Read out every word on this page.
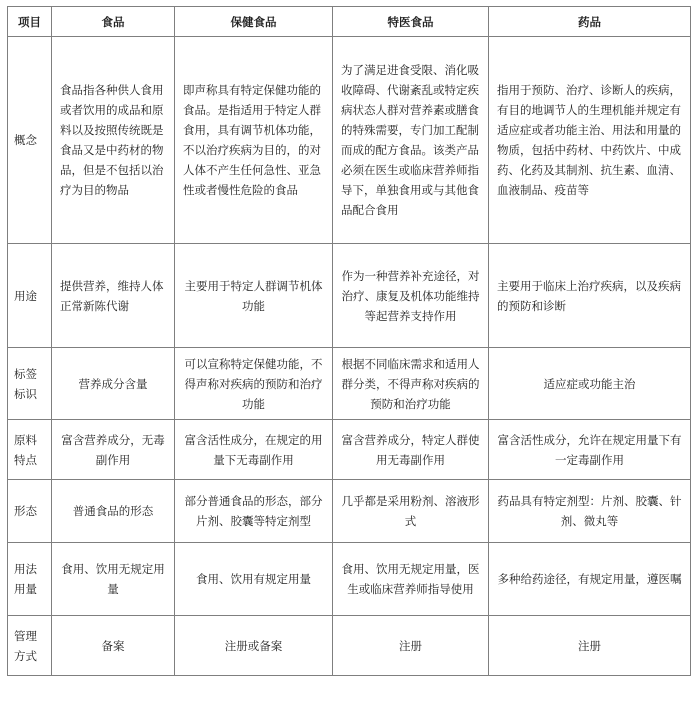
项目	食品	保健食品	特医食品	药品
概念	食品指各种供人食用或者饮用的成品和原料以及按照传统既是食品又是中药材的物品，但是不包括以治疗为目的物品	即声称具有特定保健功能的食品。是指适用于特定人群食用，具有调节机体功能，不以治疗疾病为目的，的对人体不产生任何急性、亚急性或者慢性危险的食品	为了满足进食受限、消化吸收障碍、代谢紊乱或特定疾病状态人群对营养素或膳食的特殊需要，专门加工配制而成的配方食品。该类产品必须在医生或临床营养师指导下，单独食用或与其他食品配合食用	指用于预防、治疗、诊断人的疾病，有目的地调节人的生理机能并规定有适应症或者功能主治、用法和用量的物质，包括中药材、中药饮片、中成药、化药及其制剂、抗生素、血清、血液制品、疫苗等
用途	提供营养，维持人体正常新陈代谢	主要用于特定人群调节机体功能	作为一种营养补充途径，对治疗、康复及机体功能维持等起营养支持作用	主要用于临床上治疗疾病，以及疾病的预防和诊断
标签标识	营养成分含量	可以宣称特定保健功能，不得声称对疾病的预防和治疗功能	根据不同临床需求和适用人群分类，不得声称对疾病的预防和治疗功能	适应症或功能主治
原料特点	富含营养成分，无毒副作用	富含活性成分，在规定的用量下无毒副作用	富含营养成分，特定人群使用无毒副作用	富含活性成分，允许在规定用量下有一定毒副作用
形态	普通食品的形态	部分普通食品的形态，部分片剂、胶囊等特定剂型	几乎都是采用粉剂、溶液形式	药品具有特定剂型：片剂、胶囊、针剂、微丸等
用法用量	食用、饮用无规定用量	食用、饮用有规定用量	食用、饮用无规定用量，医生或临床营养师指导使用	多种给药途径，有规定用量，遵医嘱
管理方式	备案	注册或备案	注册	注册
